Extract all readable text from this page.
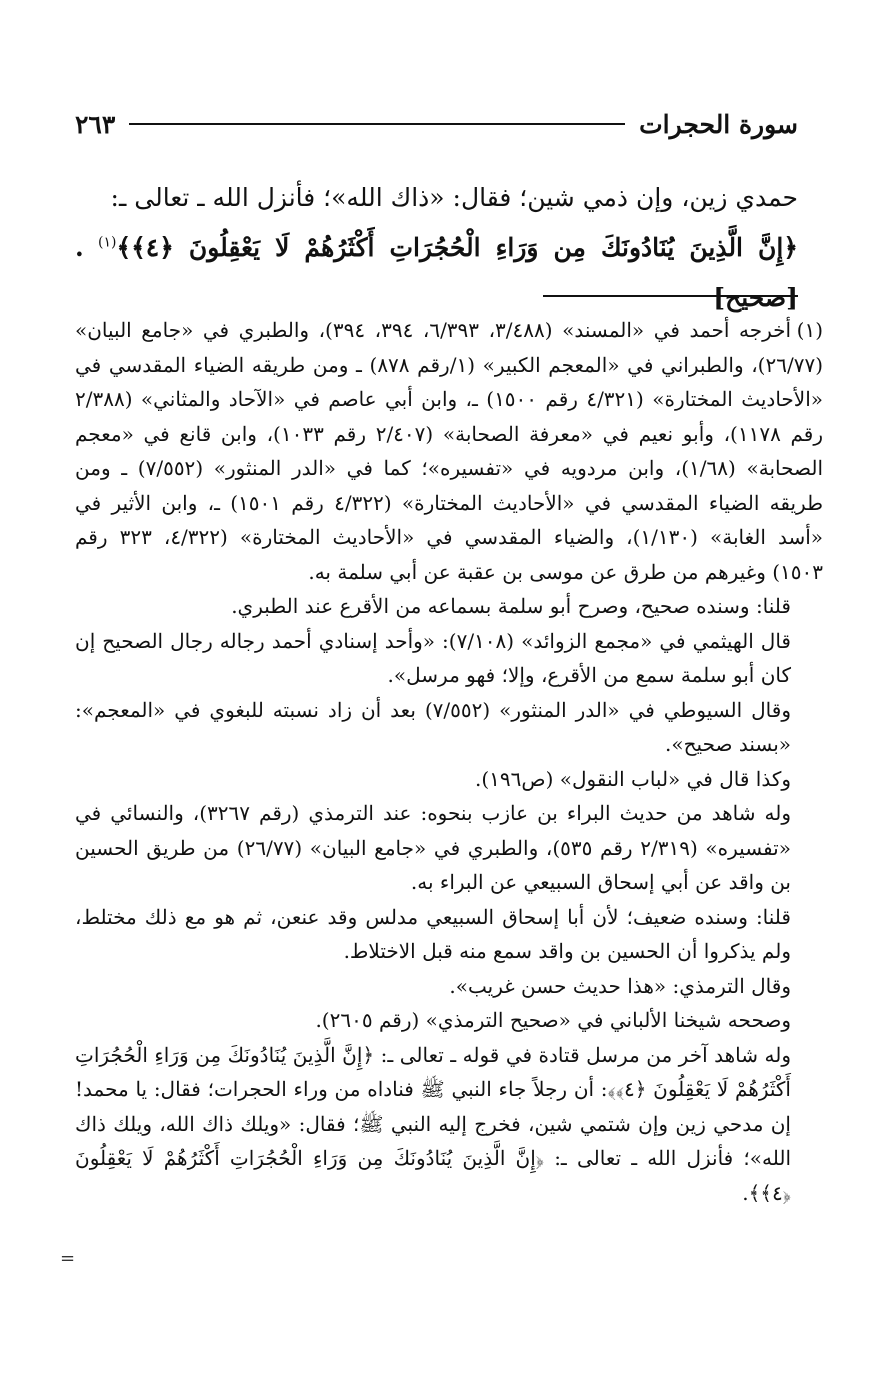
سورة الحجرات
٢٦٣

حمدي زين، وإن ذمي شين؛ فقال: «ذاك الله»؛ فأنزل الله ـ تعالى ـ:

﴿إِنَّ الَّذِينَ يُنَادُونَكَ مِن وَرَاءِ الْحُجُرَاتِ أَكْثَرُهُمْ لَا يَعْقِلُونَ ﴿٤﴾﴾$^{(١)}$ . [صحيح]

(١)أخرجه أحمد في «المسند» (٣/٤٨٨، ٦/٣٩٣، ٣٩٤، ٣٩٤)، والطبري في «جامع البيان» (٢٦/٧٧)، والطبراني في «المعجم الكبير» (١/رقم ٨٧٨) ـ ومن طريقه الضياء المقدسي في «الأحاديث المختارة» (٤/٣٢١ رقم ١٥٠٠) ـ، وابن أبي عاصم في «الآحاد والمثاني» (٢/٣٨٨ رقم ١١٧٨)، وأبو نعيم في «معرفة الصحابة» (٢/٤٠٧ رقم ١٠٣٣)، وابن قانع في «معجم الصحابة» (١/٦٨)، وابن مردويه في «تفسيره»؛ كما في «الدر المنثور» (٧/٥٥٢) ـ ومن طريقه الضياء المقدسي في «الأحاديث المختارة» (٤/٣٢٢ رقم ١٥٠١) ـ، وابن الأثير في «أسد الغابة» (١/١٣٠)، والضياء المقدسي في «الأحاديث المختارة» (٤/٣٢٢، ٣٢٣ رقم ١٥٠٣) وغيرهم من طرق عن موسى بن عقبة عن أبي سلمة به.

قلنا: وسنده صحيح، وصرح أبو سلمة بسماعه من الأقرع عند الطبري.

قال الهيثمي في «مجمع الزوائد» (٧/١٠٨): «وأحد إسنادي أحمد رجاله رجال الصحيح إن كان أبو سلمة سمع من الأقرع، وإلا؛ فهو مرسل».

وقال السيوطي في «الدر المنثور» (٧/٥٥٢) بعد أن زاد نسبته للبغوي في «المعجم»: «بسند صحيح».

وكذا قال في «لباب النقول» (ص١٩٦).

وله شاهد من حديث البراء بن عازب بنحوه: عند الترمذي (رقم ٣٢٦٧)، والنسائي في «تفسيره» (٢/٣١٩ رقم ٥٣٥)، والطبري في «جامع البيان» (٢٦/٧٧) من طريق الحسين بن واقد عن أبي إسحاق السبيعي عن البراء به.

قلنا: وسنده ضعيف؛ لأن أبا إسحاق السبيعي مدلس وقد عنعن، ثم هو مع ذلك مختلط، ولم يذكروا أن الحسين بن واقد سمع منه قبل الاختلاط.

وقال الترمذي: «هذا حديث حسن غريب».

وصححه شيخنا الألباني في «صحيح الترمذي» (رقم ٢٦٠٥).

وله شاهد آخر من مرسل قتادة في قوله ـ تعالى ـ: ﴿إِنَّ الَّذِينَ يُنَادُونَكَ مِن وَرَاءِ الْحُجُرَاتِ أَكْثَرُهُمْ لَا يَعْقِلُونَ ﴿٤﴾﴾: أن رجلاً جاء النبي ﷺ فناداه من وراء الحجرات؛ فقال: يا محمد! إن مدحي زين وإن شتمي شين، فخرج إليه النبي ﷺ؛ فقال: «ويلك ذاك الله، ويلك ذاك الله»؛ فأنزل الله ـ تعالى ـ: ﴿إِنَّ الَّذِينَ يُنَادُونَكَ مِن وَرَاءِ الْحُجُرَاتِ أَكْثَرُهُمْ لَا يَعْقِلُونَ ﴿٤﴾﴾.

=
